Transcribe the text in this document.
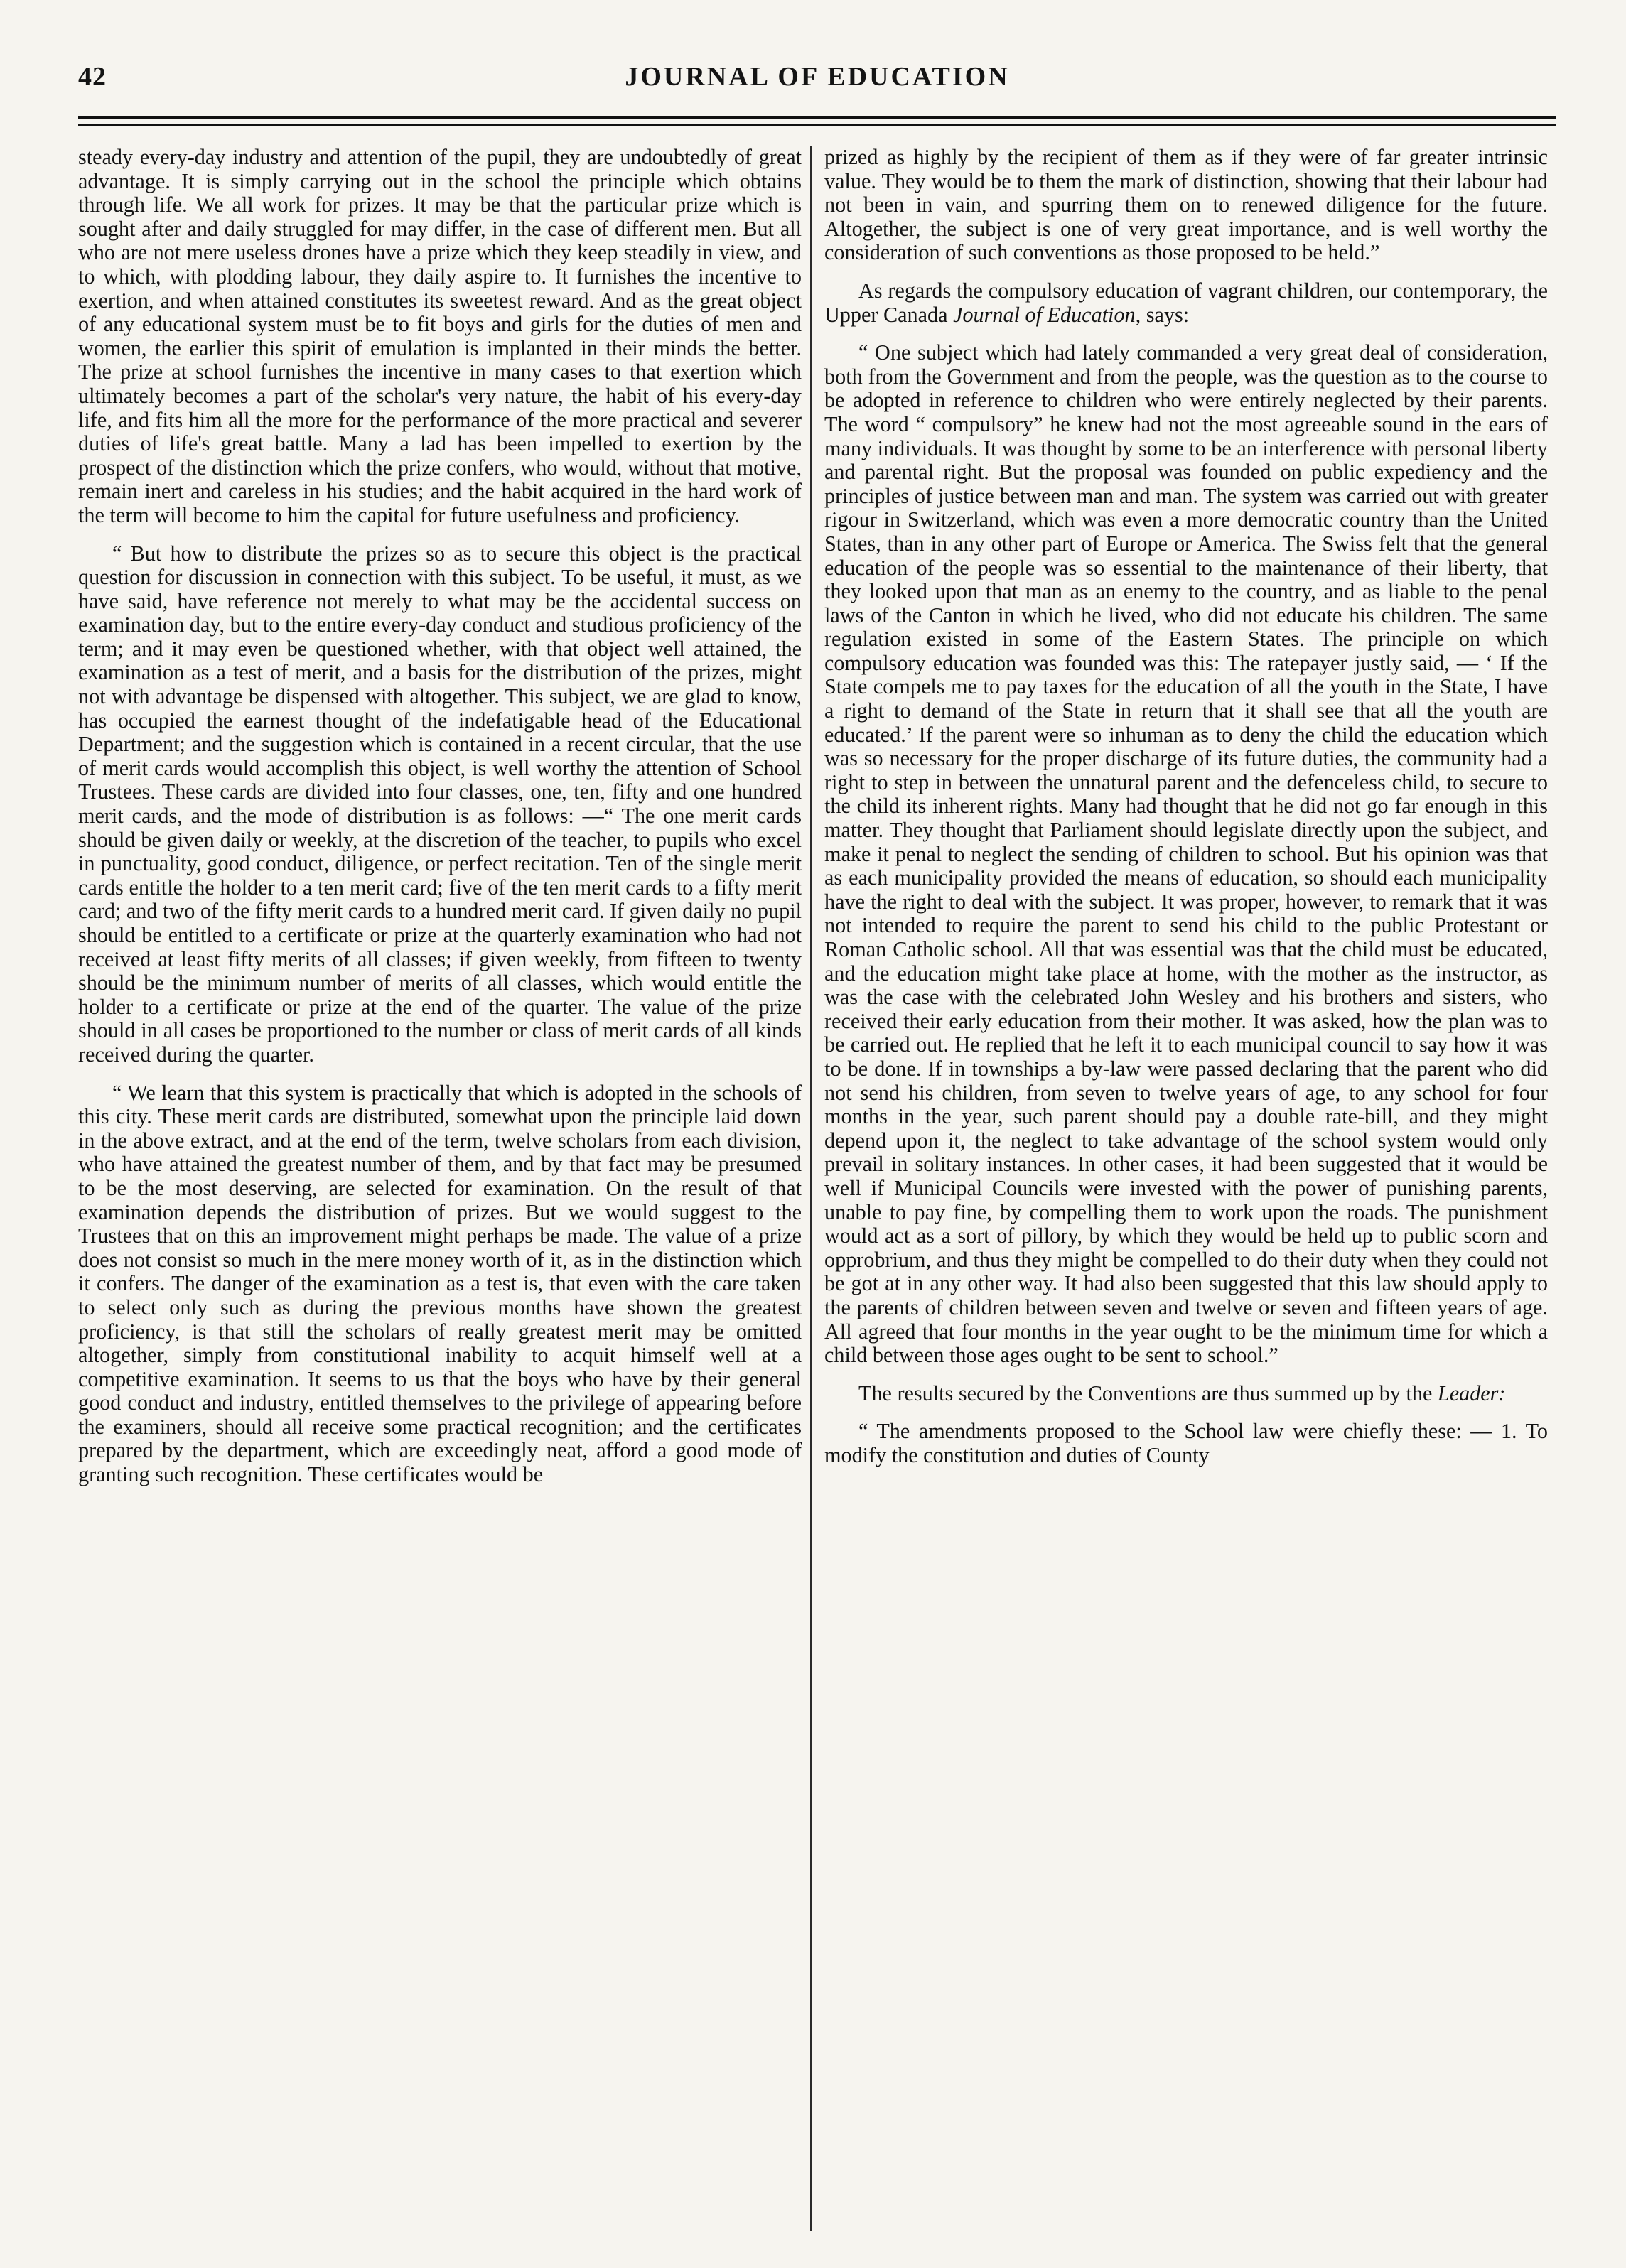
42	JOURNAL OF EDUCATION

steady every-day industry and attention of the pupil, they are undoubtedly of great advantage. It is simply carrying out in the school the principle which obtains through life. We all work for prizes. It may be that the particular prize which is sought after and daily struggled for may differ, in the case of different men. But all who are not mere useless drones have a prize which they keep steadily in view, and to which, with plodding labour, they daily aspire to. It furnishes the incentive to exertion, and when attained constitutes its sweetest reward. And as the great object of any educational system must be to fit boys and girls for the duties of men and women, the earlier this spirit of emulation is implanted in their minds the better. The prize at school furnishes the incentive in many cases to that exertion which ultimately becomes a part of the scholar's very nature, the habit of his every-day life, and fits him all the more for the performance of the more practical and severer duties of life's great battle. Many a lad has been impelled to exertion by the prospect of the distinction which the prize confers, who would, without that motive, remain inert and careless in his studies; and the habit acquired in the hard work of the term will become to him the capital for future usefulness and proficiency.

“ But how to distribute the prizes so as to secure this object is the practical question for discussion in connection with this subject. To be useful, it must, as we have said, have reference not merely to what may be the accidental success on examination day, but to the entire every-day conduct and studious proficiency of the term; and it may even be questioned whether, with that object well attained, the examination as a test of merit, and a basis for the distribution of the prizes, might not with advantage be dispensed with altogether. This subject, we are glad to know, has occupied the earnest thought of the indefatigable head of the Educational Department; and the suggestion which is contained in a recent circular, that the use of merit cards would accomplish this object, is well worthy the attention of School Trustees. These cards are divided into four classes, one, ten, fifty and one hundred merit cards, and the mode of distribution is as follows: —“ The one merit cards should be given daily or weekly, at the discretion of the teacher, to pupils who excel in punctuality, good conduct, diligence, or perfect recitation. Ten of the single merit cards entitle the holder to a ten merit card; five of the ten merit cards to a fifty merit card; and two of the fifty merit cards to a hundred merit card. If given daily no pupil should be entitled to a certificate or prize at the quarterly examination who had not received at least fifty merits of all classes; if given weekly, from fifteen to twenty should be the minimum number of merits of all classes, which would entitle the holder to a certificate or prize at the end of the quarter. The value of the prize should in all cases be proportioned to the number or class of merit cards of all kinds received during the quarter.

“ We learn that this system is practically that which is adopted in the schools of this city. These merit cards are distributed, somewhat upon the principle laid down in the above extract, and at the end of the term, twelve scholars from each division, who have attained the greatest number of them, and by that fact may be presumed to be the most deserving, are selected for examination. On the result of that examination depends the distribution of prizes. But we would suggest to the Trustees that on this an improvement might perhaps be made. The value of a prize does not consist so much in the mere money worth of it, as in the distinction which it confers. The danger of the examination as a test is, that even with the care taken to select only such as during the previous months have shown the greatest proficiency, is that still the scholars of really greatest merit may be omitted altogether, simply from constitutional inability to acquit himself well at a competitive examination. It seems to us that the boys who have by their general good conduct and industry, entitled themselves to the privilege of appearing before the examiners, should all receive some practical recognition; and the certificates prepared by the department, which are exceedingly neat, afford a good mode of granting such recognition. These certificates would be

prized as highly by the recipient of them as if they were of far greater intrinsic value. They would be to them the mark of distinction, showing that their labour had not been in vain, and spurring them on to renewed diligence for the future. Altogether, the subject is one of very great importance, and is well worthy the consideration of such conventions as those proposed to be held.”

As regards the compulsory education of vagrant children, our contemporary, the Upper Canada Journal of Education, says:

“ One subject which had lately commanded a very great deal of consideration, both from the Government and from the people, was the question as to the course to be adopted in reference to children who were entirely neglected by their parents. The word “ compulsory” he knew had not the most agreeable sound in the ears of many individuals. It was thought by some to be an interference with personal liberty and parental right. But the proposal was founded on public expediency and the principles of justice between man and man. The system was carried out with greater rigour in Switzerland, which was even a more democratic country than the United States, than in any other part of Europe or America. The Swiss felt that the general education of the people was so essential to the maintenance of their liberty, that they looked upon that man as an enemy to the country, and as liable to the penal laws of the Canton in which he lived, who did not educate his children. The same regulation existed in some of the Eastern States. The principle on which compulsory education was founded was this: The ratepayer justly said, — ‘ If the State compels me to pay taxes for the education of all the youth in the State, I have a right to demand of the State in return that it shall see that all the youth are educated.’ If the parent were so inhuman as to deny the child the education which was so necessary for the proper discharge of its future duties, the community had a right to step in between the unnatural parent and the defenceless child, to secure to the child its inherent rights. Many had thought that he did not go far enough in this matter. They thought that Parliament should legislate directly upon the subject, and make it penal to neglect the sending of children to school. But his opinion was that as each municipality provided the means of education, so should each municipality have the right to deal with the subject. It was proper, however, to remark that it was not intended to require the parent to send his child to the public Protestant or Roman Catholic school. All that was essential was that the child must be educated, and the education might take place at home, with the mother as the instructor, as was the case with the celebrated John Wesley and his brothers and sisters, who received their early education from their mother. It was asked, how the plan was to be carried out. He replied that he left it to each municipal council to say how it was to be done. If in townships a by-law were passed declaring that the parent who did not send his children, from seven to twelve years of age, to any school for four months in the year, such parent should pay a double rate-bill, and they might depend upon it, the neglect to take advantage of the school system would only prevail in solitary instances. In other cases, it had been suggested that it would be well if Municipal Councils were invested with the power of punishing parents, unable to pay fine, by compelling them to work upon the roads. The punishment would act as a sort of pillory, by which they would be held up to public scorn and opprobrium, and thus they might be compelled to do their duty when they could not be got at in any other way. It had also been suggested that this law should apply to the parents of children between seven and twelve or seven and fifteen years of age. All agreed that four months in the year ought to be the minimum time for which a child between those ages ought to be sent to school.”

The results secured by the Conventions are thus summed up by the Leader:

“ The amendments proposed to the School law were chiefly these: — 1. To modify the constitution and duties of County
